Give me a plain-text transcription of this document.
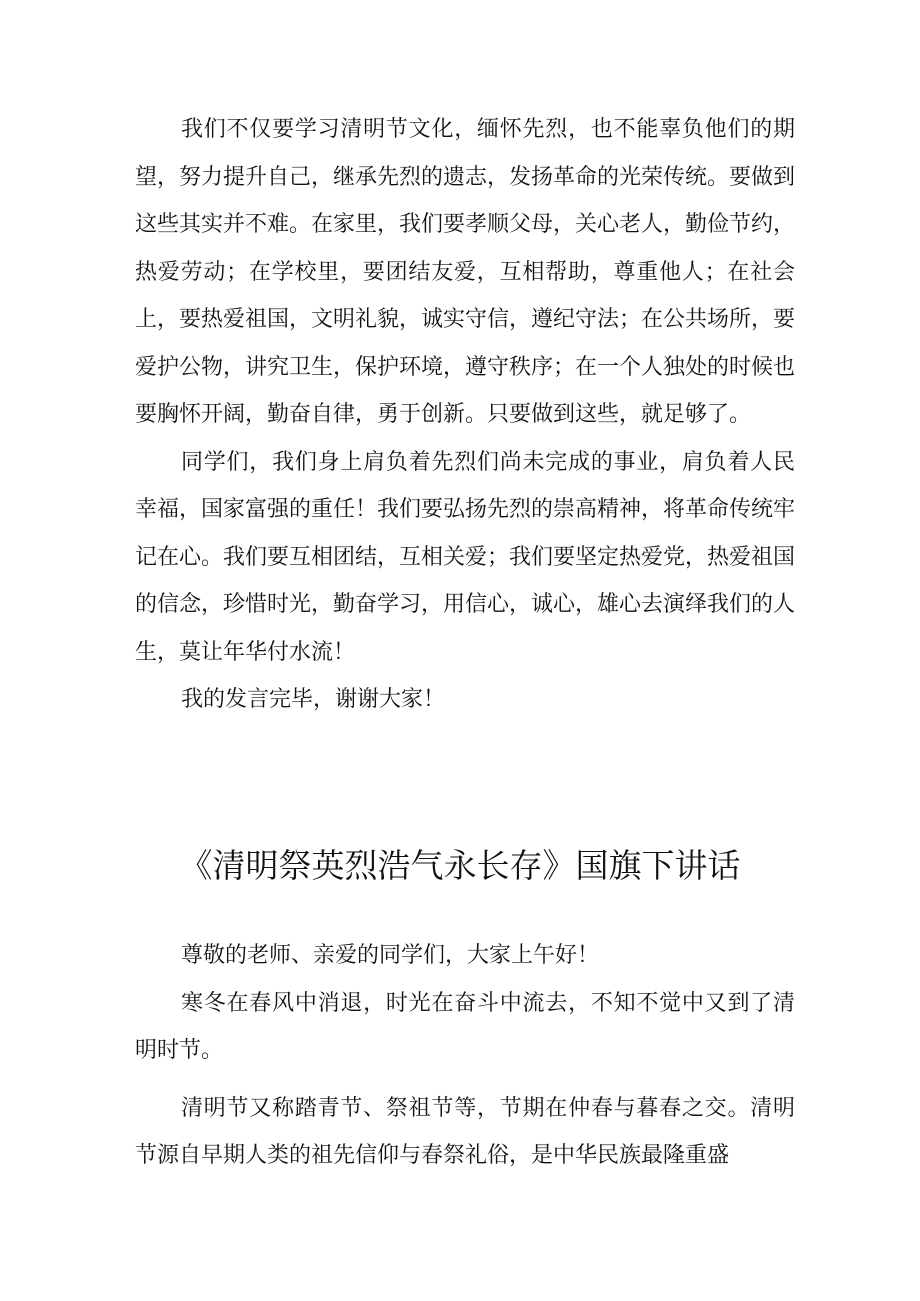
我们不仅要学习清明节文化，缅怀先烈，也不能辜负他们的期望，努力提升自己，继承先烈的遗志，发扬革命的光荣传统。要做到这些其实并不难。在家里，我们要孝顺父母，关心老人，勤俭节约，热爱劳动；在学校里，要团结友爱，互相帮助，尊重他人；在社会上，要热爱祖国，文明礼貌，诚实守信，遵纪守法；在公共场所，要爱护公物，讲究卫生，保护环境，遵守秩序；在一个人独处的时候也要胸怀开阔，勤奋自律，勇于创新。只要做到这些，就足够了。

同学们，我们身上肩负着先烈们尚未完成的事业，肩负着人民幸福，国家富强的重任！我们要弘扬先烈的崇高精神，将革命传统牢记在心。我们要互相团结，互相关爱；我们要坚定热爱党，热爱祖国的信念，珍惜时光，勤奋学习，用信心，诚心，雄心去演绎我们的人生，莫让年华付水流！

我的发言完毕，谢谢大家！

《清明祭英烈浩气永长存》国旗下讲话

尊敬的老师、亲爱的同学们，大家上午好！

寒冬在春风中消退，时光在奋斗中流去，不知不觉中又到了清明时节。

清明节又称踏青节、祭祖节等，节期在仲春与暮春之交。清明节源自早期人类的祖先信仰与春祭礼俗，是中华民族最隆重盛
